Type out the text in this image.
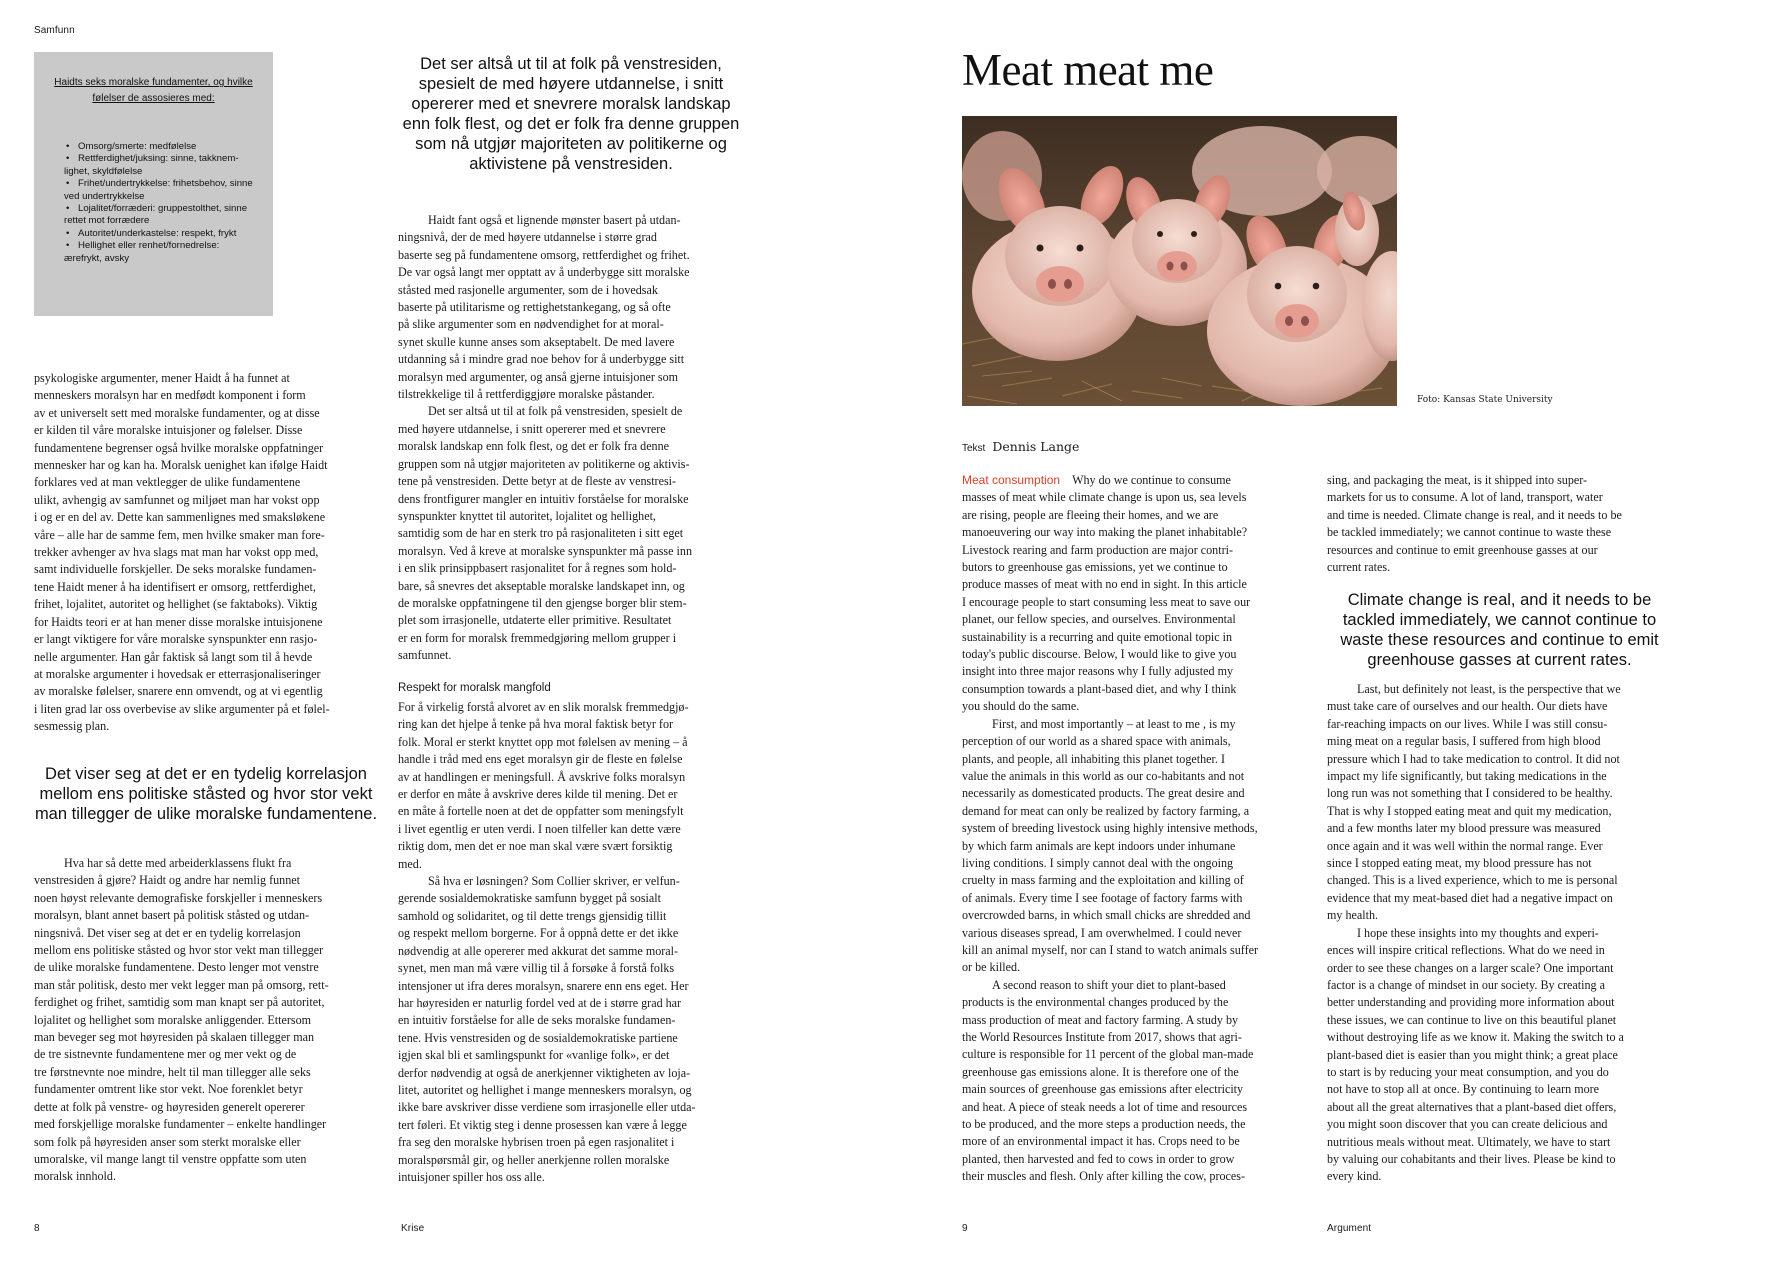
Samfunn
Haidts seks moralske fundamenter, og hvilke
følelser de assosieres med:
• Omsorg/smerte: medfølelse
• Rettferdighet/juksing: sinne, takknem-
lighet, skyldfølelse
• Frihet/undertrykkelse: frihetsbehov, sinne
ved undertrykkelse
• Lojalitet/forræderi: gruppestolthet, sinne
rettet mot forrædere
• Autoritet/underkastelse: respekt, frykt
• Hellighet eller renhet/fornedrelse:
ærefrykt, avsky

psykologiske argumenter, mener Haidt å ha funnet at

menneskers moralsyn har en medfødt komponent i form

av et universelt sett med moralske fundamenter, og at disse

er kilden til våre moralske intuisjoner og følelser. Disse

fundamentene begrenser også hvilke moralske oppfatninger

mennesker har og kan ha. Moralsk uenighet kan ifølge Haidt

forklares ved at man vektlegger de ulike fundamentene

ulikt, avhengig av samfunnet og miljøet man har vokst opp

i og er en del av. Dette kan sammenlignes med smaksløkene

våre – alle har de samme fem, men hvilke smaker man fore-

trekker avhenger av hva slags mat man har vokst opp med,

samt individuelle forskjeller. De seks moralske fundamen-

tene Haidt mener å ha identifisert er omsorg, rettferdighet,

frihet, lojalitet, autoritet og hellighet (se faktaboks). Viktig

for Haidts teori er at han mener disse moralske intuisjonene

er langt viktigere for våre moralske synspunkter enn rasjo-

nelle argumenter. Han går faktisk så langt som til å hevde

at moralske argumenter i hovedsak er etterrasjonaliseringer

av moralske følelser, snarere enn omvendt, og at vi egentlig

i liten grad lar oss overbevise av slike argumenter på et følel-

sesmessig plan.

Det viser seg at det er en tydelig korrelasjon
mellom ens politiske ståsted og hvor stor vekt
man tillegger de ulike moralske fundamentene.

Hva har så dette med arbeiderklassens flukt fra

venstresiden å gjøre? Haidt og andre har nemlig funnet

noen høyst relevante demografiske forskjeller i menneskers

moralsyn, blant annet basert på politisk ståsted og utdan-

ningsnivå. Det viser seg at det er en tydelig korrelasjon

mellom ens politiske ståsted og hvor stor vekt man tillegger

de ulike moralske fundamentene. Desto lenger mot venstre

man står politisk, desto mer vekt legger man på omsorg, rett-

ferdighet og frihet, samtidig som man knapt ser på autoritet,

lojalitet og hellighet som moralske anliggender. Ettersom

man beveger seg mot høyresiden på skalaen tillegger man

de tre sistnevnte fundamentene mer og mer vekt og de

tre førstnevnte noe mindre, helt til man tillegger alle seks

fundamenter omtrent like stor vekt. Noe forenklet betyr

dette at folk på venstre- og høyresiden generelt opererer

med forskjellige moralske fundamenter – enkelte handlinger

som folk på høyresiden anser som sterkt moralske eller

umoralske, vil mange langt til venstre oppfatte som uten

moralsk innhold.

8
Det ser altså ut til at folk på venstresiden,
spesielt de med høyere utdannelse, i snitt
opererer med et snevrere moralsk landskap
enn folk flest, og det er folk fra denne gruppen
som nå utgjør majoriteten av politikerne og
aktivistene på venstresiden.

Haidt fant også et lignende mønster basert på utdan-

ningsnivå, der de med høyere utdannelse i større grad

baserte seg på fundamentene omsorg, rettferdighet og frihet.

De var også langt mer opptatt av å underbygge sitt moralske

ståsted med rasjonelle argumenter, som de i hovedsak

baserte på utilitarisme og rettighetstankegang, og så ofte

på slike argumenter som en nødvendighet for at moral-

synet skulle kunne anses som akseptabelt. De med lavere

utdanning så i mindre grad noe behov for å underbygge sitt

moralsyn med argumenter, og anså gjerne intuisjoner som

tilstrekkelige til å rettferdiggjøre moralske påstander.

Det ser altså ut til at folk på venstresiden, spesielt de

med høyere utdannelse, i snitt opererer med et snevrere

moralsk landskap enn folk flest, og det er folk fra denne

gruppen som nå utgjør majoriteten av politikerne og aktivis-

tene på venstresiden. Dette betyr at de fleste av venstresi-

dens frontfigurer mangler en intuitiv forståelse for moralske

synspunkter knyttet til autoritet, lojalitet og hellighet,

samtidig som de har en sterk tro på rasjonaliteten i sitt eget

moralsyn. Ved å kreve at moralske synspunkter må passe inn

i en slik prinsippbasert rasjonalitet for å regnes som hold-

bare, så snevres det akseptable moralske landskapet inn, og

de moralske oppfatningene til den gjengse borger blir stem-

plet som irrasjonelle, utdaterte eller primitive. Resultatet

er en form for moralsk fremmedgjøring mellom grupper i

samfunnet.

Respekt for moralsk mangfold

For å virkelig forstå alvoret av en slik moralsk fremmedgjø-

ring kan det hjelpe å tenke på hva moral faktisk betyr for

folk. Moral er sterkt knyttet opp mot følelsen av mening – å

handle i tråd med ens eget moralsyn gir de fleste en følelse

av at handlingen er meningsfull. Å avskrive folks moralsyn

er derfor en måte å avskrive deres kilde til mening. Det er

en måte å fortelle noen at det de oppfatter som meningsfylt

i livet egentlig er uten verdi. I noen tilfeller kan dette være

riktig dom, men det er noe man skal være svært forsiktig

med.

Så hva er løsningen? Som Collier skriver, er velfun-

gerende sosialdemokratiske samfunn bygget på sosialt

samhold og solidaritet, og til dette trengs gjensidig tillit

og respekt mellom borgerne. For å oppnå dette er det ikke

nødvendig at alle opererer med akkurat det samme moral-

synet, men man må være villig til å forsøke å forstå folks

intensjoner ut ifra deres moralsyn, snarere enn ens eget. Her

har høyresiden er naturlig fordel ved at de i større grad har

en intuitiv forståelse for alle de seks moralske fundamen-

tene. Hvis venstresiden og de sosialdemokratiske partiene

igjen skal bli et samlingspunkt for «vanlige folk», er det

derfor nødvendig at også de anerkjenner viktigheten av loja-

litet, autoritet og hellighet i mange menneskers moralsyn, og

ikke bare avskriver disse verdiene som irrasjonelle eller utda-

tert føleri. Et viktig steg i denne prosessen kan være å legge

fra seg den moralske hybrisen troen på egen rasjonalitet i

moralspørsmål gir, og heller anerkjenne rollen moralske

intuisjoner spiller hos oss alle.

Krise
Meat meat me
Foto: Kansas State University
Tekst Dennis Lange

Meat consumption Why do we continue to consume

masses of meat while climate change is upon us, sea levels

are rising, people are fleeing their homes, and we are

manoeuvering our way into making the planet inhabitable?

Livestock rearing and farm production are major contri-

butors to greenhouse gas emissions, yet we continue to

produce masses of meat with no end in sight. In this article

I encourage people to start consuming less meat to save our

planet, our fellow species, and ourselves. Environmental

sustainability is a recurring and quite emotional topic in

today's public discourse. Below, I would like to give you

insight into three major reasons why I fully adjusted my

consumption towards a plant-based diet, and why I think

you should do the same.

First, and most importantly – at least to me , is my

perception of our world as a shared space with animals,

plants, and people, all inhabiting this planet together. I

value the animals in this world as our co-habitants and not

necessarily as domesticated products. The great desire and

demand for meat can only be realized by factory farming, a

system of breeding livestock using highly intensive methods,

by which farm animals are kept indoors under inhumane

living conditions. I simply cannot deal with the ongoing

cruelty in mass farming and the exploitation and killing of

of animals. Every time I see footage of factory farms with

overcrowded barns, in which small chicks are shredded and

various diseases spread, I am overwhelmed. I could never

kill an animal myself, nor can I stand to watch animals suffer

or be killed.

A second reason to shift your diet to plant-based

products is the environmental changes produced by the

mass production of meat and factory farming. A study by

the World Resources Institute from 2017, shows that agri-

culture is responsible for 11 percent of the global man-made

greenhouse gas emissions alone. It is therefore one of the

main sources of greenhouse gas emissions after electricity

and heat. A piece of steak needs a lot of time and resources

to be produced, and the more steps a production needs, the

more of an environmental impact it has. Crops need to be

planted, then harvested and fed to cows in order to grow

their muscles and flesh. Only after killing the cow, proces-

9

sing, and packaging the meat, is it shipped into super-

markets for us to consume. A lot of land, transport, water

and time is needed. Climate change is real, and it needs to be

be tackled immediately; we cannot continue to waste these

resources and continue to emit greenhouse gasses at our

current rates.

Climate change is real, and it needs to be
tackled immediately, we cannot continue to
waste these resources and continue to emit
greenhouse gasses at current rates.

Last, but definitely not least, is the perspective that we

must take care of ourselves and our health. Our diets have

far-reaching impacts on our lives. While I was still consu-

ming meat on a regular basis, I suffered from high blood

pressure which I had to take medication to control. It did not

impact my life significantly, but taking medications in the

long run was not something that I considered to be healthy.

That is why I stopped eating meat and quit my medication,

and a few months later my blood pressure was measured

once again and it was well within the normal range. Ever

since I stopped eating meat, my blood pressure has not

changed. This is a lived experience, which to me is personal

evidence that my meat-based diet had a negative impact on

my health.

I hope these insights into my thoughts and experi-

ences will inspire critical reflections. What do we need in

order to see these changes on a larger scale? One important

factor is a change of mindset in our society. By creating a

better understanding and providing more information about

these issues, we can continue to live on this beautiful planet

without destroying life as we know it. Making the switch to a

plant-based diet is easier than you might think; a great place

to start is by reducing your meat consumption, and you do

not have to stop all at once. By continuing to learn more

about all the great alternatives that a plant-based diet offers,

you might soon discover that you can create delicious and

nutritious meals without meat. Ultimately, we have to start

by valuing our cohabitants and their lives. Please be kind to

every kind.

Argument
